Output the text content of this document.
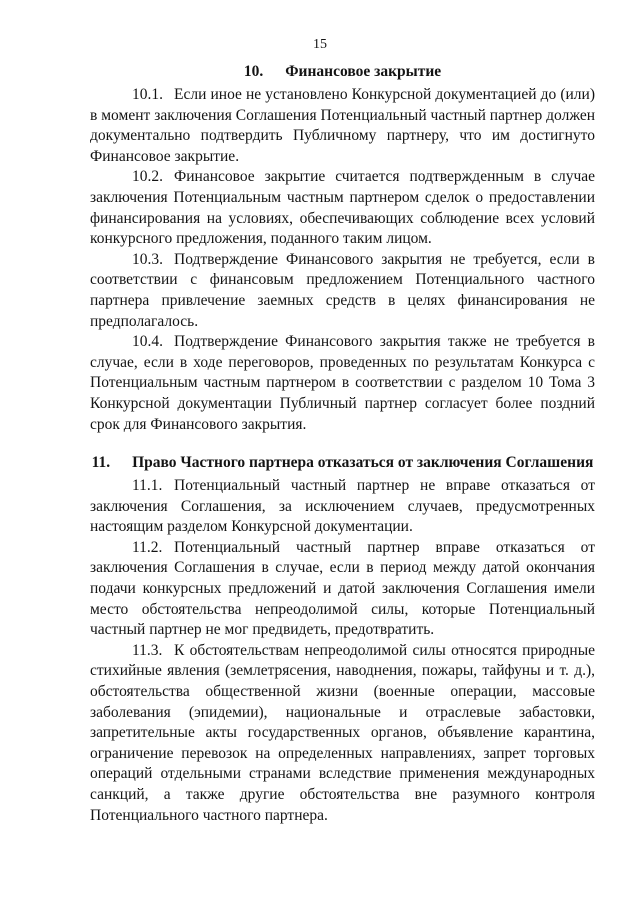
15
10. Финансовое закрытие

10.1. Если иное не установлено Конкурсной документацией до (или) в момент заключения Соглашения Потенциальный частный партнер должен документально подтвердить Публичному партнеру, что им достигнуто Финансовое закрытие.

10.2. Финансовое закрытие считается подтвержденным в случае заключения Потенциальным частным партнером сделок о предоставлении финансирования на условиях, обеспечивающих соблюдение всех условий конкурсного предложения, поданного таким лицом.

10.3. Подтверждение Финансового закрытия не требуется, если в соответствии с финансовым предложением Потенциального частного партнера привлечение заемных средств в целях финансирования не предполагалось.

10.4. Подтверждение Финансового закрытия также не требуется в случае, если в ходе переговоров, проведенных по результатам Конкурса с Потенциальным частным партнером в соответствии с разделом 10 Тома 3 Конкурсной документации Публичный партнер согласует более поздний срок для Финансового закрытия.

11. Право Частного партнера отказаться от заключения Соглашения

11.1. Потенциальный частный партнер не вправе отказаться от заключения Соглашения, за исключением случаев, предусмотренных настоящим разделом Конкурсной документации.

11.2. Потенциальный частный партнер вправе отказаться от заключения Соглашения в случае, если в период между датой окончания подачи конкурсных предложений и датой заключения Соглашения имели место обстоятельства непреодолимой силы, которые Потенциальный частный партнер не мог предвидеть, предотвратить.

11.3. К обстоятельствам непреодолимой силы относятся природные стихийные явления (землетрясения, наводнения, пожары, тайфуны и т. д.), обстоятельства общественной жизни (военные операции, массовые заболевания (эпидемии), национальные и отраслевые забастовки, запретительные акты государственных органов, объявление карантина, ограничение перевозок на определенных направлениях, запрет торговых операций отдельными странами вследствие применения международных санкций, а также другие обстоятельства вне разумного контроля Потенциального частного партнера.
